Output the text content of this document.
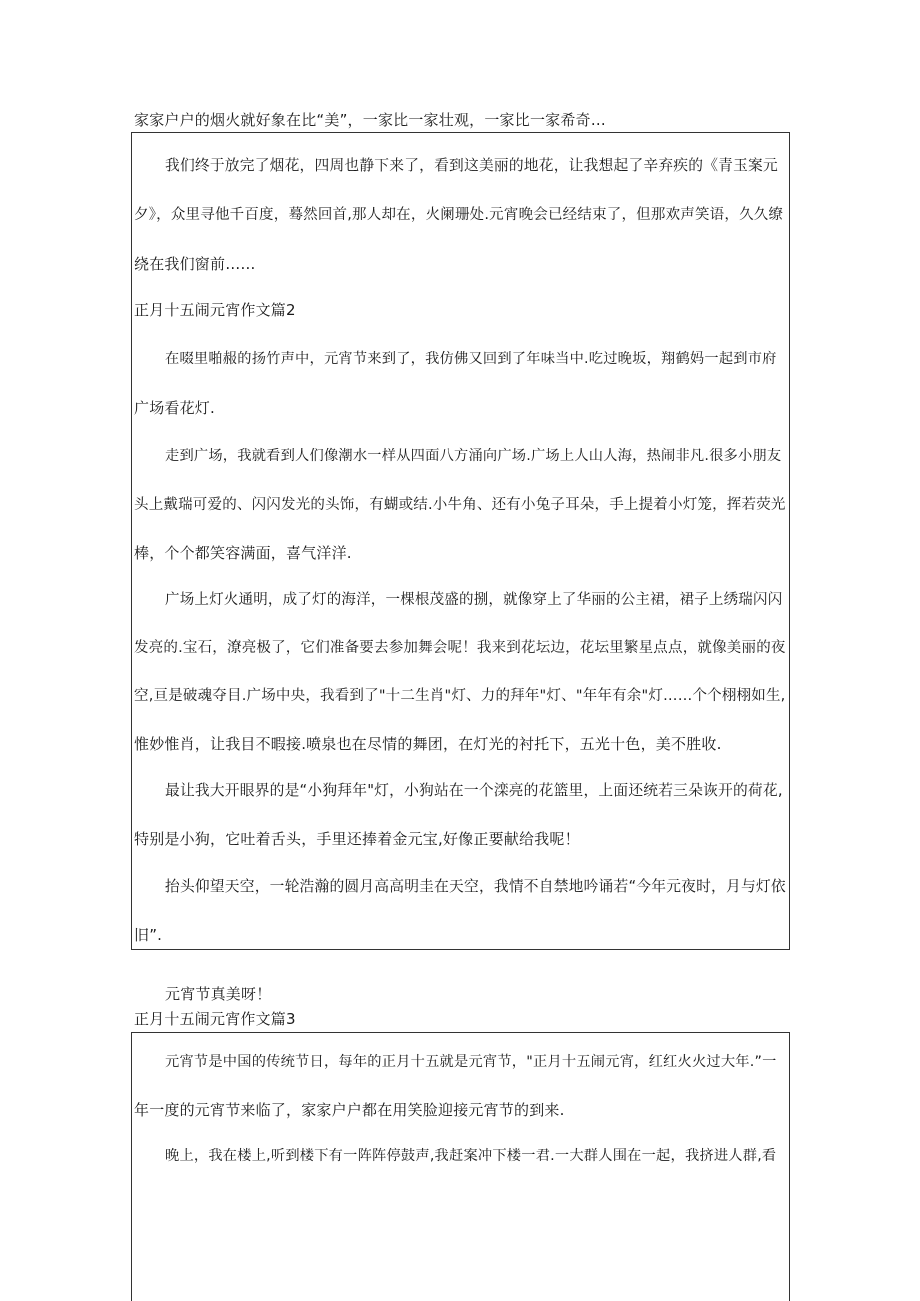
家家户户的烟火就好象在比“美”，一家比一家壮观，一家比一家希奇…
我们终于放完了烟花，四周也静下来了，看到这美丽的地花，让我想起了辛弃疾的《青玉案元
夕》，众里寻他千百度，蓦然回首,那人却在，火阑珊处.元宵晚会已经结束了，但那欢声笑语，久久缭
绕在我们窗前……
正月十五闹元宵作文篇2
在啜里啪赧的扬竹声中，元宵节来到了，我仿佛又回到了年味当中.吃过晚坂，翔鹤妈一起到市府
广场看花灯.
走到广场，我就看到人们像潮水一样从四面八方涌向广场.广场上人山人海，热闹非凡.很多小朋友
头上戴瑞可爱的、闪闪发光的头饰，有蝴或结.小牛角、还有小兔子耳朵，手上提着小灯笼，挥若荧光
棒，个个都笑容满面，喜气洋洋.
广场上灯火通明，成了灯的海洋，一棵根茂盛的捌，就像穿上了华丽的公主裙，裙子上绣瑞闪闪
发亮的.宝石，潦亮极了，它们准备要去参加舞会呢！我来到花坛边，花坛里繁星点点，就像美丽的夜
空,亘是破魂夺目.广场中央，我看到了"十二生肖"灯、力的拜年"灯、"年年有余"灯……个个栩栩如生,
惟妙惟肖，让我目不暇接.喷泉也在尽情的舞团，在灯光的衬托下，五光十色，美不胜收.
最让我大开眼界的是“小狗拜年"灯，小狗站在一个滦亮的花篮里，上面还统若三朵诙开的荷花,
特别是小狗，它吐着舌头，手里还捧着金元宝,好像正要献给我呢！
抬头仰望天空，一轮浩瀚的圆月高高明圭在天空，我情不自禁地吟诵若“今年元夜时，月与灯依
旧”.
元宵节真美呀！
正月十五闹元宵作文篇3
元宵节是中国的传统节日，每年的正月十五就是元宵节，"正月十五闹元宵，红红火火过大年.”一
年一度的元宵节来临了，家家户户都在用笑脸迎接元宵节的到来.
晚上，我在楼上,听到楼下有一阵阵停鼓声,我赶案冲下楼一君.一大群人围在一起，我挤进人群,看
